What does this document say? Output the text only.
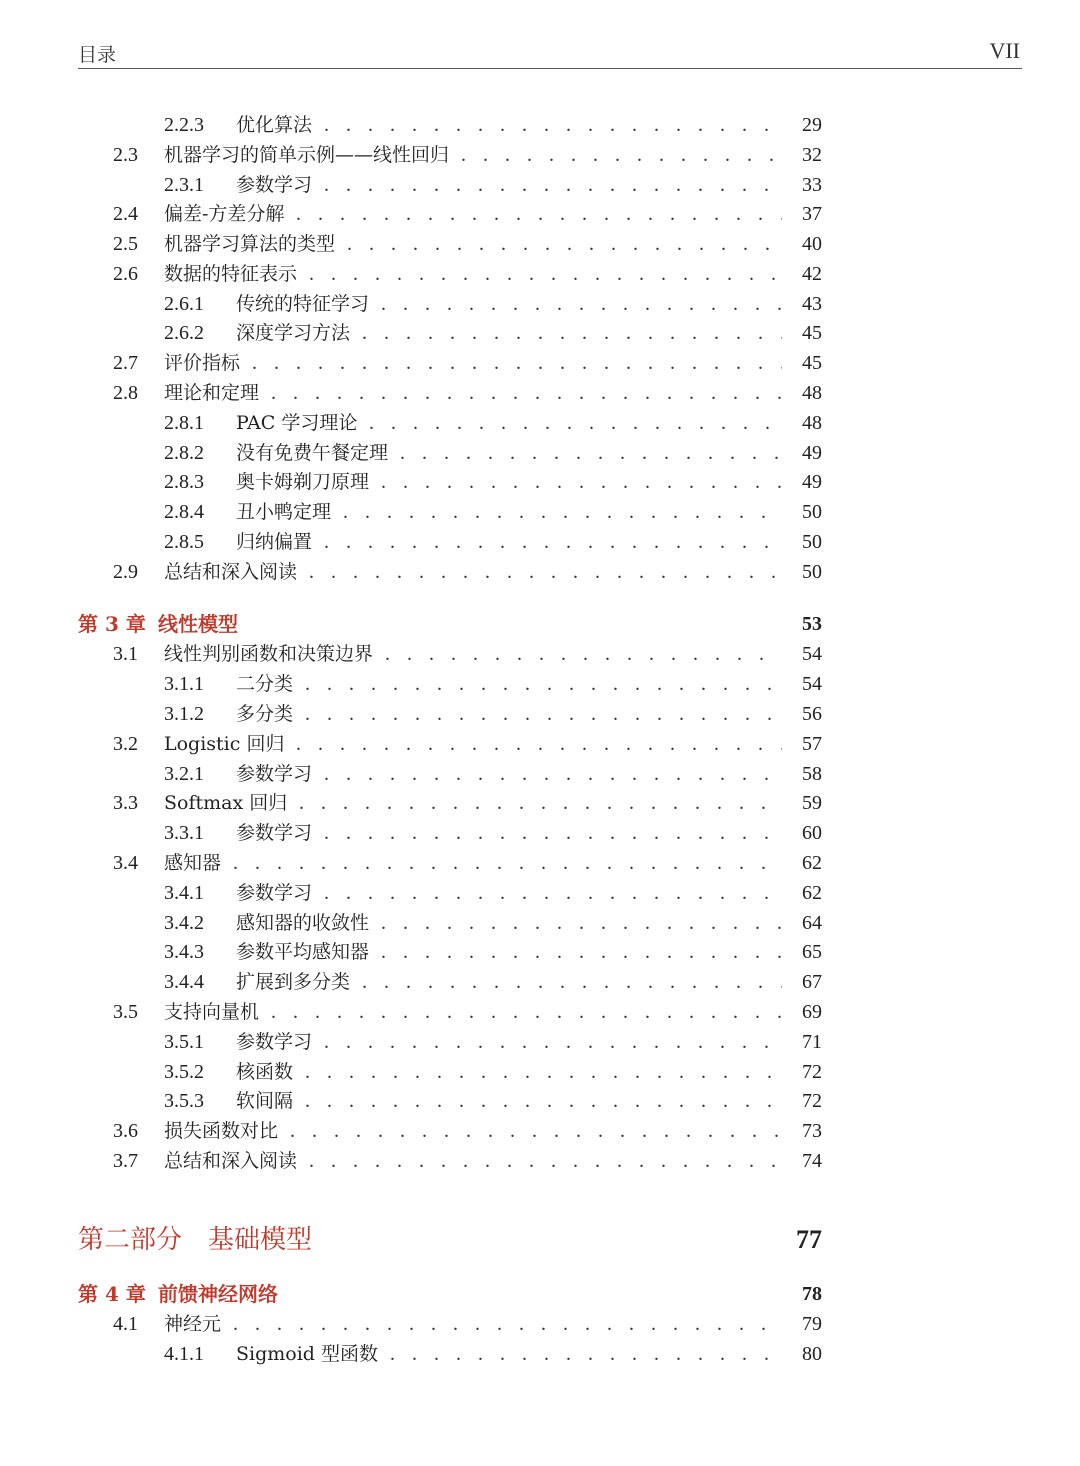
目录	VII
2.2.3 优化算法 . . .	29
2.3 机器学习的简单示例——线性回归 . . .	32
2.3.1 参数学习 . . .	33
2.4 偏差-方差分解 . . .	37
2.5 机器学习算法的类型 . . .	40
2.6 数据的特征表示 . . .	42
2.6.1 传统的特征学习 . . .	43
2.6.2 深度学习方法 . . .	45
2.7 评价指标 . . .	45
2.8 理论和定理 . . .	48
2.8.1 PAC 学习理论 . . .	48
2.8.2 没有免费午餐定理 . . .	49
2.8.3 奥卡姆剃刀原理 . . .	49
2.8.4 丑小鸭定理 . . .	50
2.8.5 归纳偏置 . . .	50
2.9 总结和深入阅读 . . .	50
第 3 章 线性模型	53
3.1 线性判别函数和决策边界 . . .	54
3.1.1 二分类 . . .	54
3.1.2 多分类 . . .	56
3.2 Logistic 回归 . . .	57
3.2.1 参数学习 . . .	58
3.3 Softmax 回归 . . .	59
3.3.1 参数学习 . . .	60
3.4 感知器 . . .	62
3.4.1 参数学习 . . .	62
3.4.2 感知器的收敛性 . . .	64
3.4.3 参数平均感知器 . . .	65
3.4.4 扩展到多分类 . . .	67
3.5 支持向量机 . . .	69
3.5.1 参数学习 . . .	71
3.5.2 核函数 . . .	72
3.5.3 软间隔 . . .	72
3.6 损失函数对比 . . .	73
3.7 总结和深入阅读 . . .	74
第二部分　基础模型	77
第 4 章 前馈神经网络	78
4.1 神经元 . . .	79
4.1.1 Sigmoid 型函数 . . .	80
